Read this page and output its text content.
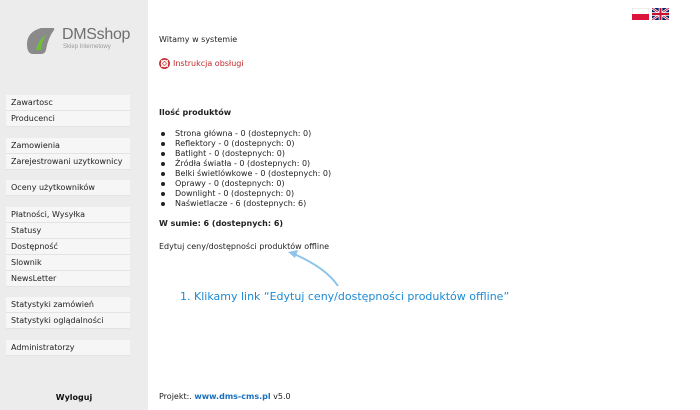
DMSshop
Sklep Internetowy
Zawartosc
Producenci
Zamowienia
Zarejestrowani uzytkownicy
Oceny użytkowników
Płatności, Wysyłka
Statusy
Dostępność
Slownik
NewsLetter
Statystyki zamówień
Statystyki oglądalności
Administratorzy
Wyloguj
Witamy w systemie
Instrukcja obsługi
Ilość produktów
Strona główna - 0 (dostepnych: 0)
Reflektory - 0 (dostepnych: 0)
Batlight - 0 (dostepnych: 0)
Źródła światła - 0 (dostepnych: 0)
Belki świetlówkowe - 0 (dostepnych: 0)
Oprawy - 0 (dostepnych: 0)
Downlight - 0 (dostepnych: 0)
Naświetlacze - 6 (dostepnych: 6)
W sumie: 6 (dostepnych: 6)
Edytuj ceny/dostępności produktów offline
Projekt:. www.dms-cms.pl v5.0
1. Klikamy link “Edytuj ceny/dostępności produktów offline”
